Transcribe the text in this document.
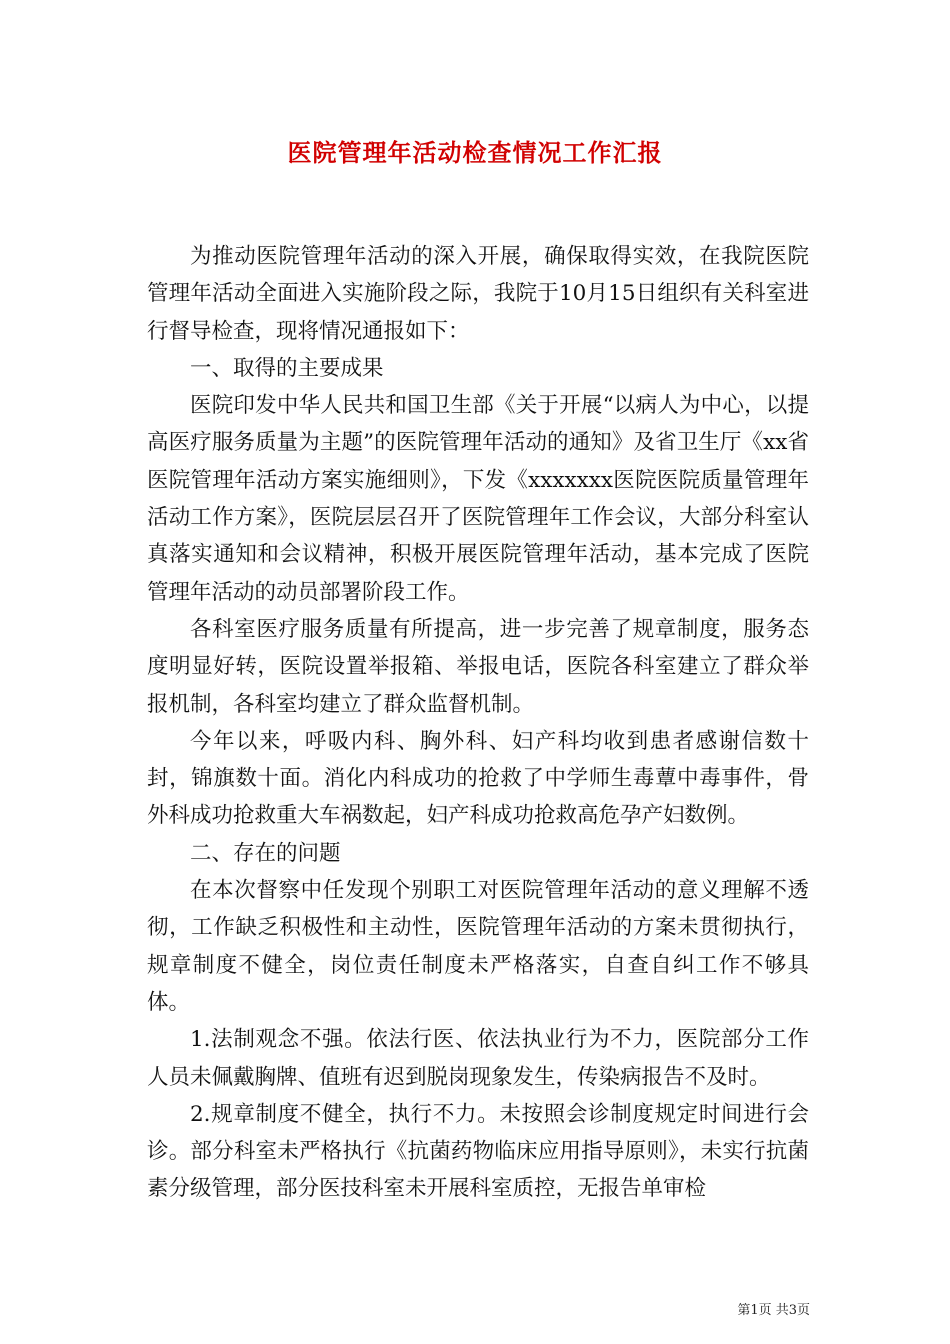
医院管理年活动检查情况工作汇报

为推动医院管理年活动的深入开展，确保取得实效，在我院医院管理年活动全面进入实施阶段之际，我院于10月15日组织有关科室进行督导检查，现将情况通报如下：

一、取得的主要成果

医院印发中华人民共和国卫生部《关于开展“以病人为中心，以提高医疗服务质量为主题”的医院管理年活动的通知》及省卫生厅《xx省医院管理年活动方案实施细则》，下发《xxxxxxx医院医院质量管理年活动工作方案》，医院层层召开了医院管理年工作会议，大部分科室认真落实通知和会议精神，积极开展医院管理年活动，基本完成了医院管理年活动的动员部署阶段工作。

各科室医疗服务质量有所提高，进一步完善了规章制度，服务态度明显好转，医院设置举报箱、举报电话，医院各科室建立了群众举报机制，各科室均建立了群众监督机制。

今年以来，呼吸内科、胸外科、妇产科均收到患者感谢信数十封，锦旗数十面。消化内科成功的抢救了中学师生毒蕈中毒事件，骨外科成功抢救重大车祸数起，妇产科成功抢救高危孕产妇数例。

二、存在的问题

在本次督察中任发现个别职工对医院管理年活动的意义理解不透彻，工作缺乏积极性和主动性，医院管理年活动的方案未贯彻执行，规章制度不健全，岗位责任制度未严格落实，自查自纠工作不够具体。

1.法制观念不强。依法行医、依法执业行为不力，医院部分工作人员未佩戴胸牌、值班有迟到脱岗现象发生，传染病报告不及时。

2.规章制度不健全，执行不力。未按照会诊制度规定时间进行会诊。部分科室未严格执行《抗菌药物临床应用指导原则》，未实行抗菌素分级管理，部分医技科室未开展科室质控，无报告单审检

第1页 共3页
